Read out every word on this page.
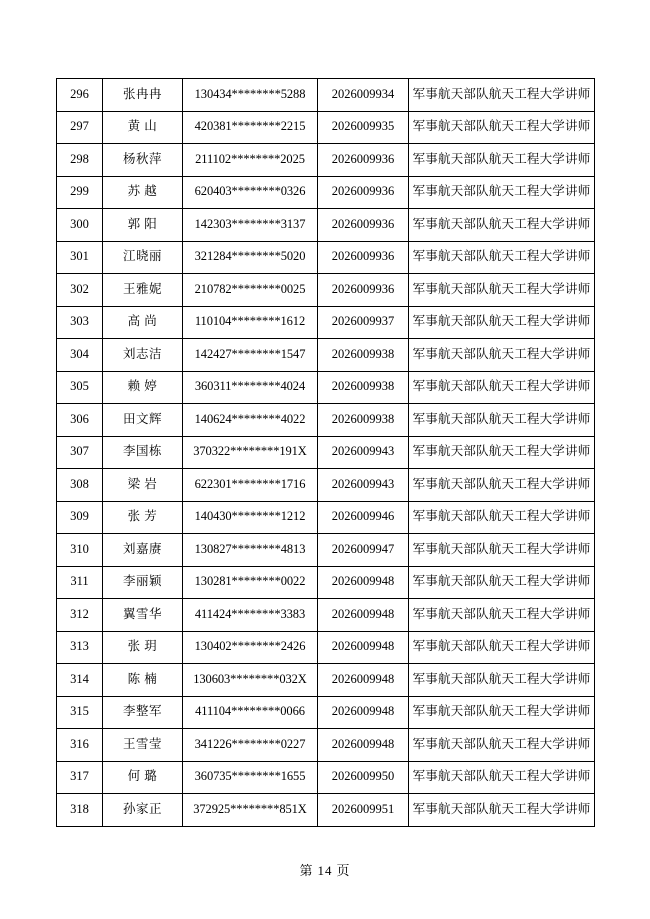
296	张冉冉	130434********5288	2026009934	军事航天部队航天工程大学讲师
297	黄 山	420381********2215	2026009935	军事航天部队航天工程大学讲师
298	杨秋萍	211102********2025	2026009936	军事航天部队航天工程大学讲师
299	苏 越	620403********0326	2026009936	军事航天部队航天工程大学讲师
300	郭 阳	142303********3137	2026009936	军事航天部队航天工程大学讲师
301	江晓丽	321284********5020	2026009936	军事航天部队航天工程大学讲师
302	王雅妮	210782********0025	2026009936	军事航天部队航天工程大学讲师
303	高 尚	110104********1612	2026009937	军事航天部队航天工程大学讲师
304	刘志洁	142427********1547	2026009938	军事航天部队航天工程大学讲师
305	赖 婷	360311********4024	2026009938	军事航天部队航天工程大学讲师
306	田文辉	140624********4022	2026009938	军事航天部队航天工程大学讲师
307	李国栋	370322********191X	2026009943	军事航天部队航天工程大学讲师
308	梁 岩	622301********1716	2026009943	军事航天部队航天工程大学讲师
309	张 芳	140430********1212	2026009946	军事航天部队航天工程大学讲师
310	刘嘉赓	130827********4813	2026009947	军事航天部队航天工程大学讲师
311	李丽颖	130281********0022	2026009948	军事航天部队航天工程大学讲师
312	翼雪华	411424********3383	2026009948	军事航天部队航天工程大学讲师
313	张 玥	130402********2426	2026009948	军事航天部队航天工程大学讲师
314	陈 楠	130603********032X	2026009948	军事航天部队航天工程大学讲师
315	李整军	411104********0066	2026009948	军事航天部队航天工程大学讲师
316	王雪莹	341226********0227	2026009948	军事航天部队航天工程大学讲师
317	何 璐	360735********1655	2026009950	军事航天部队航天工程大学讲师
318	孙家正	372925********851X	2026009951	军事航天部队航天工程大学讲师
第 14 页
